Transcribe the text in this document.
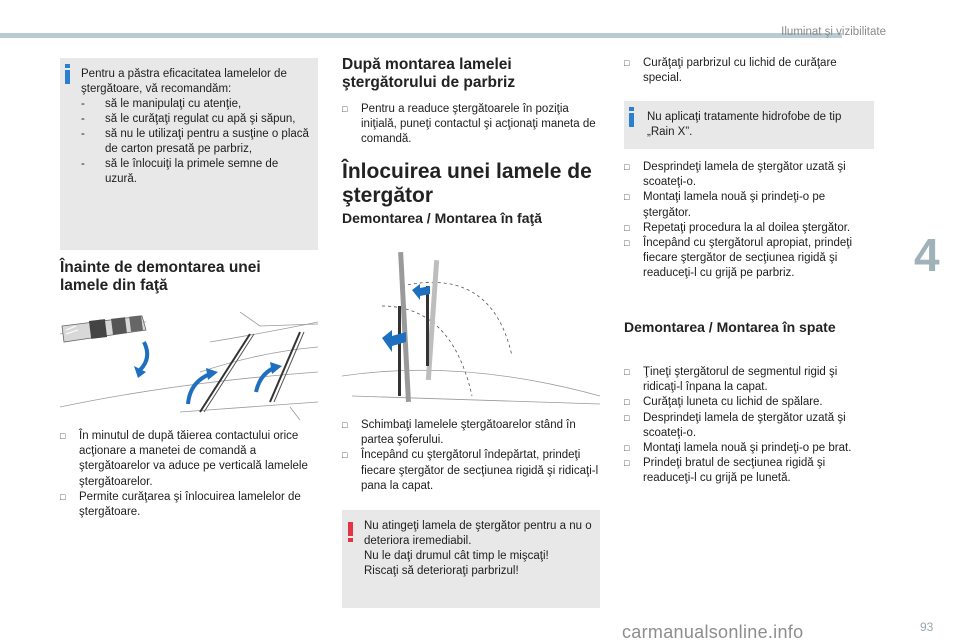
Iluminat şi vizibilitate
4
Pentru a păstra eficacitatea lamelelor de ştergătoare, vă recomandăm:
- să le manipulaţi cu atenţie,
- să le curăţaţi regulat cu apă şi săpun,
- să nu le utilizaţi pentru a susţine o placă de carton presată pe parbriz,
- să le înlocuiţi la primele semne de uzură.
Înainte de demontarea unei lamele din faţă
□ În minutul de după tăierea contactului orice acţionare a manetei de comandă a ştergătoarelor va aduce pe verticală lamelele ştergătoarelor.
□ Permite curăţarea şi înlocuirea lamelelor de ştergătoare.
După montarea lamelei ştergătorului de parbriz
□ Pentru a readuce ştergătoarele în poziţia iniţială, puneţi contactul şi acţionaţi maneta de comandă.
Înlocuirea unei lamele de ştergător
Demontarea / Montarea în faţă
□ Schimbaţi lamelele ştergătoarelor stând în partea şoferului.
□ Începând cu ştergătorul îndepărtat, prindeţi fiecare ştergător de secţiunea rigidă şi ridicaţi-l pana la capat.
Nu atingeţi lamela de ştergător pentru a nu o deteriora iremediabil.
Nu le daţi drumul cât timp le mişcaţi!
Riscaţi să deterioraţi parbrizul!
□ Curăţaţi parbrizul cu lichid de curăţare special.
Nu aplicaţi tratamente hidrofobe de tip „Rain X”.
□ Desprindeţi lamela de ştergător uzată şi scoateţi-o.
□ Montaţi lamela nouă şi prindeţi-o pe ştergător.
□ Repetaţi procedura la al doilea ştergător.
□ Începând cu ştergătorul apropiat, prindeţi fiecare ştergător de secţiunea rigidă şi readuceţi-l cu grijă pe parbriz.
Demontarea / Montarea în spate
□ Ţineţi ştergătorul de segmentul rigid şi ridicaţi-l înpana la capat.
□ Curăţaţi luneta cu lichid de spălare.
□ Desprindeţi lamela de ştergător uzată şi scoateţi-o.
□ Montaţi lamela nouă şi prindeţi-o pe brat.
□ Prindeţi bratul de secţiunea rigidă şi readuceţi-l cu grijă pe lunetă.
carmanualsonline.info	93
